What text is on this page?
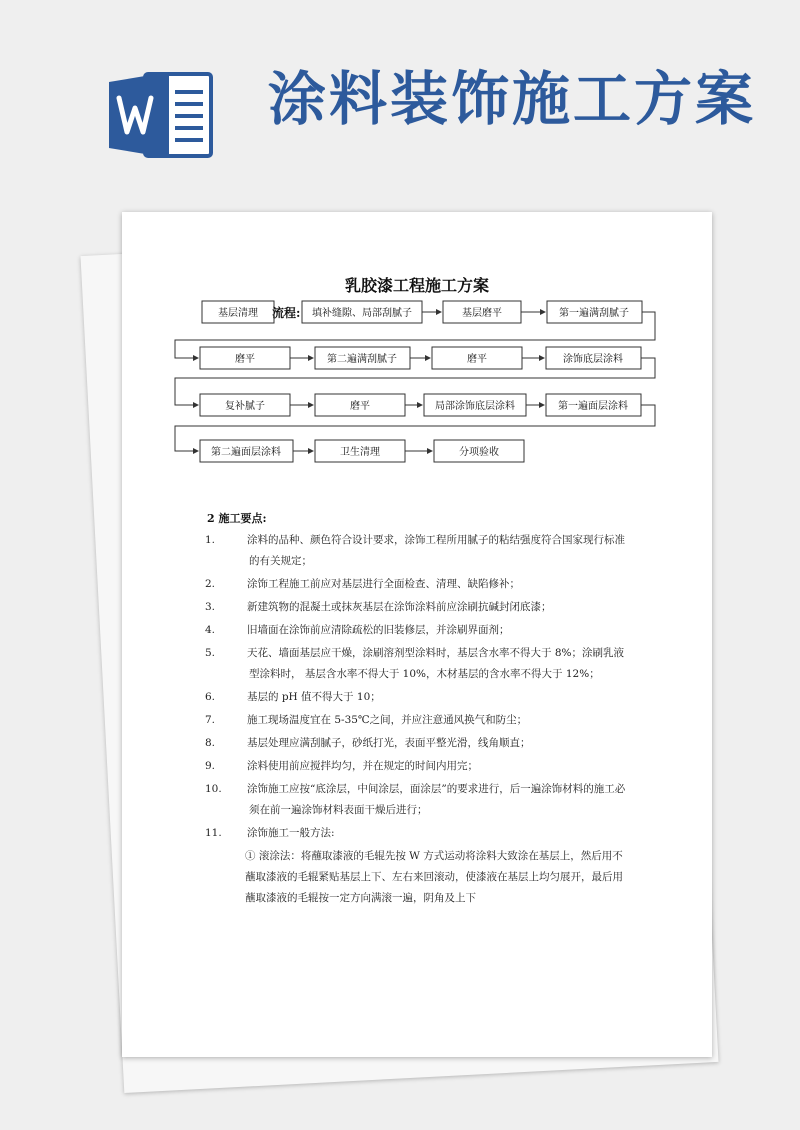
涂料装饰施工方案
乳胶漆工程施工方案
基层清理 流程: 填补缝隙、局部刮腻子	基层磨平	第一遍满刮腻子
磨平	第二遍满刮腻子	磨平	涂饰底层涂料
复补腻子	磨平	局部涂饰底层涂料	第一遍面层涂料
第二遍面层涂料	卫生清理	分项验收
2 施工要点:
1.	涂料的品种、颜色符合设计要求，涂饰工程所用腻子的粘结强度符合国家现行标准的有关规定；
2.	涂饰工程施工前应对基层进行全面检查、清理、缺陷修补；
3.	新建筑物的混凝土或抹灰基层在涂饰涂料前应涂刷抗碱封闭底漆；
4.	旧墙面在涂饰前应清除疏松的旧装修层，并涂刷界面剂；
5.	天花、墙面基层应干燥，涂刷溶剂型涂料时，基层含水率不得大于 8%；涂刷乳液型涂料时， 基层含水率不得大于 10%，木材基层的含水率不得大于 12%；
6.	基层的 pH 值不得大于 10；
7.	施工现场温度宜在 5-35℃之间，并应注意通风换气和防尘；
8.	基层处理应满刮腻子，砂纸打光，表面平整光滑，线角顺直；
9.	涂料使用前应搅拌均匀，并在规定的时间内用完；
10. 涂饰施工应按“底涂层，中间涂层，面涂层”的要求进行，后一遍涂饰材料的施工必须在前一遍涂饰材料表面干燥后进行；
11. 涂饰施工一般方法:
① 滚涂法：将蘸取漆液的毛辊先按 W 方式运动将涂料大致涂在基层上，然后用不蘸取漆液的毛辊紧贴基层上下、左右来回滚动，使漆液在基层上均匀展开，最后用蘸取漆液的毛辊按一定方向满滚一遍，阴角及上下
